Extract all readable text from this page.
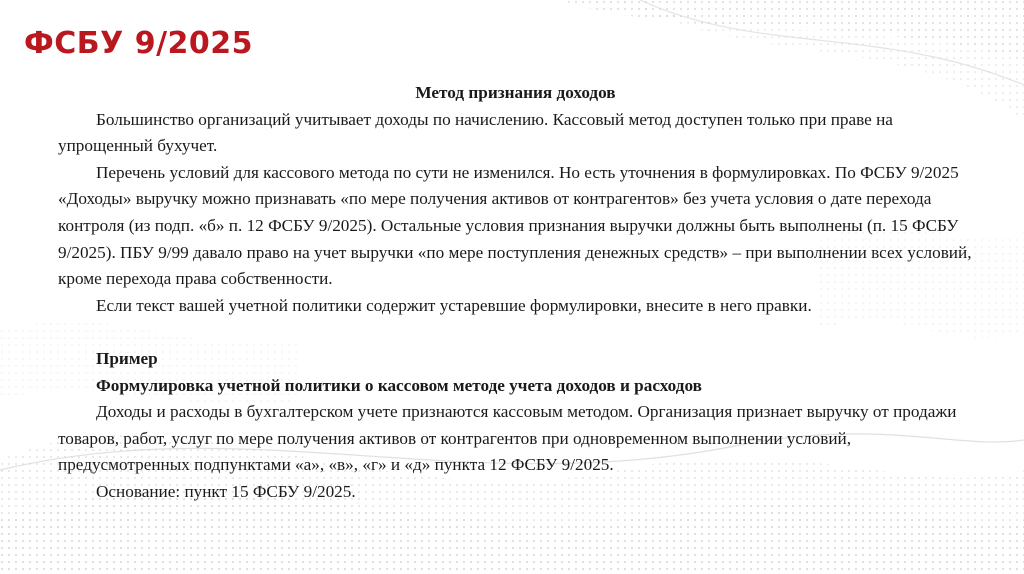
ФСБУ 9/2025

Метод признания доходов

Большинство организаций учитывает доходы по начислению. Кассовый метод доступен только при праве на упрощенный бухучет.

Перечень условий для кассового метода по сути не изменился. Но есть уточнения в формулировках. По ФСБУ 9/2025 «Доходы» выручку можно признавать «по мере получения активов от контрагентов» без учета условия о дате перехода контроля (из подп. «б» п. 12 ФСБУ 9/2025). Остальные условия признания выручки должны быть выполнены (п. 15 ФСБУ 9/2025). ПБУ 9/99 давало право на учет выручки «по мере поступления денежных средств» – при выполнении всех условий, кроме перехода права собственности.

Если текст вашей учетной политики содержит устаревшие формулировки, внесите в него правки.

Пример

Формулировка учетной политики о кассовом методе учета доходов и расходов

Доходы и расходы в бухгалтерском учете признаются кассовым методом. Организация признает выручку от продажи товаров, работ, услуг по мере получения активов от контрагентов при одновременном выполнении условий, предусмотренных подпунктами «а», «в», «г» и «д» пункта 12 ФСБУ 9/2025.

Основание: пункт 15 ФСБУ 9/2025.
